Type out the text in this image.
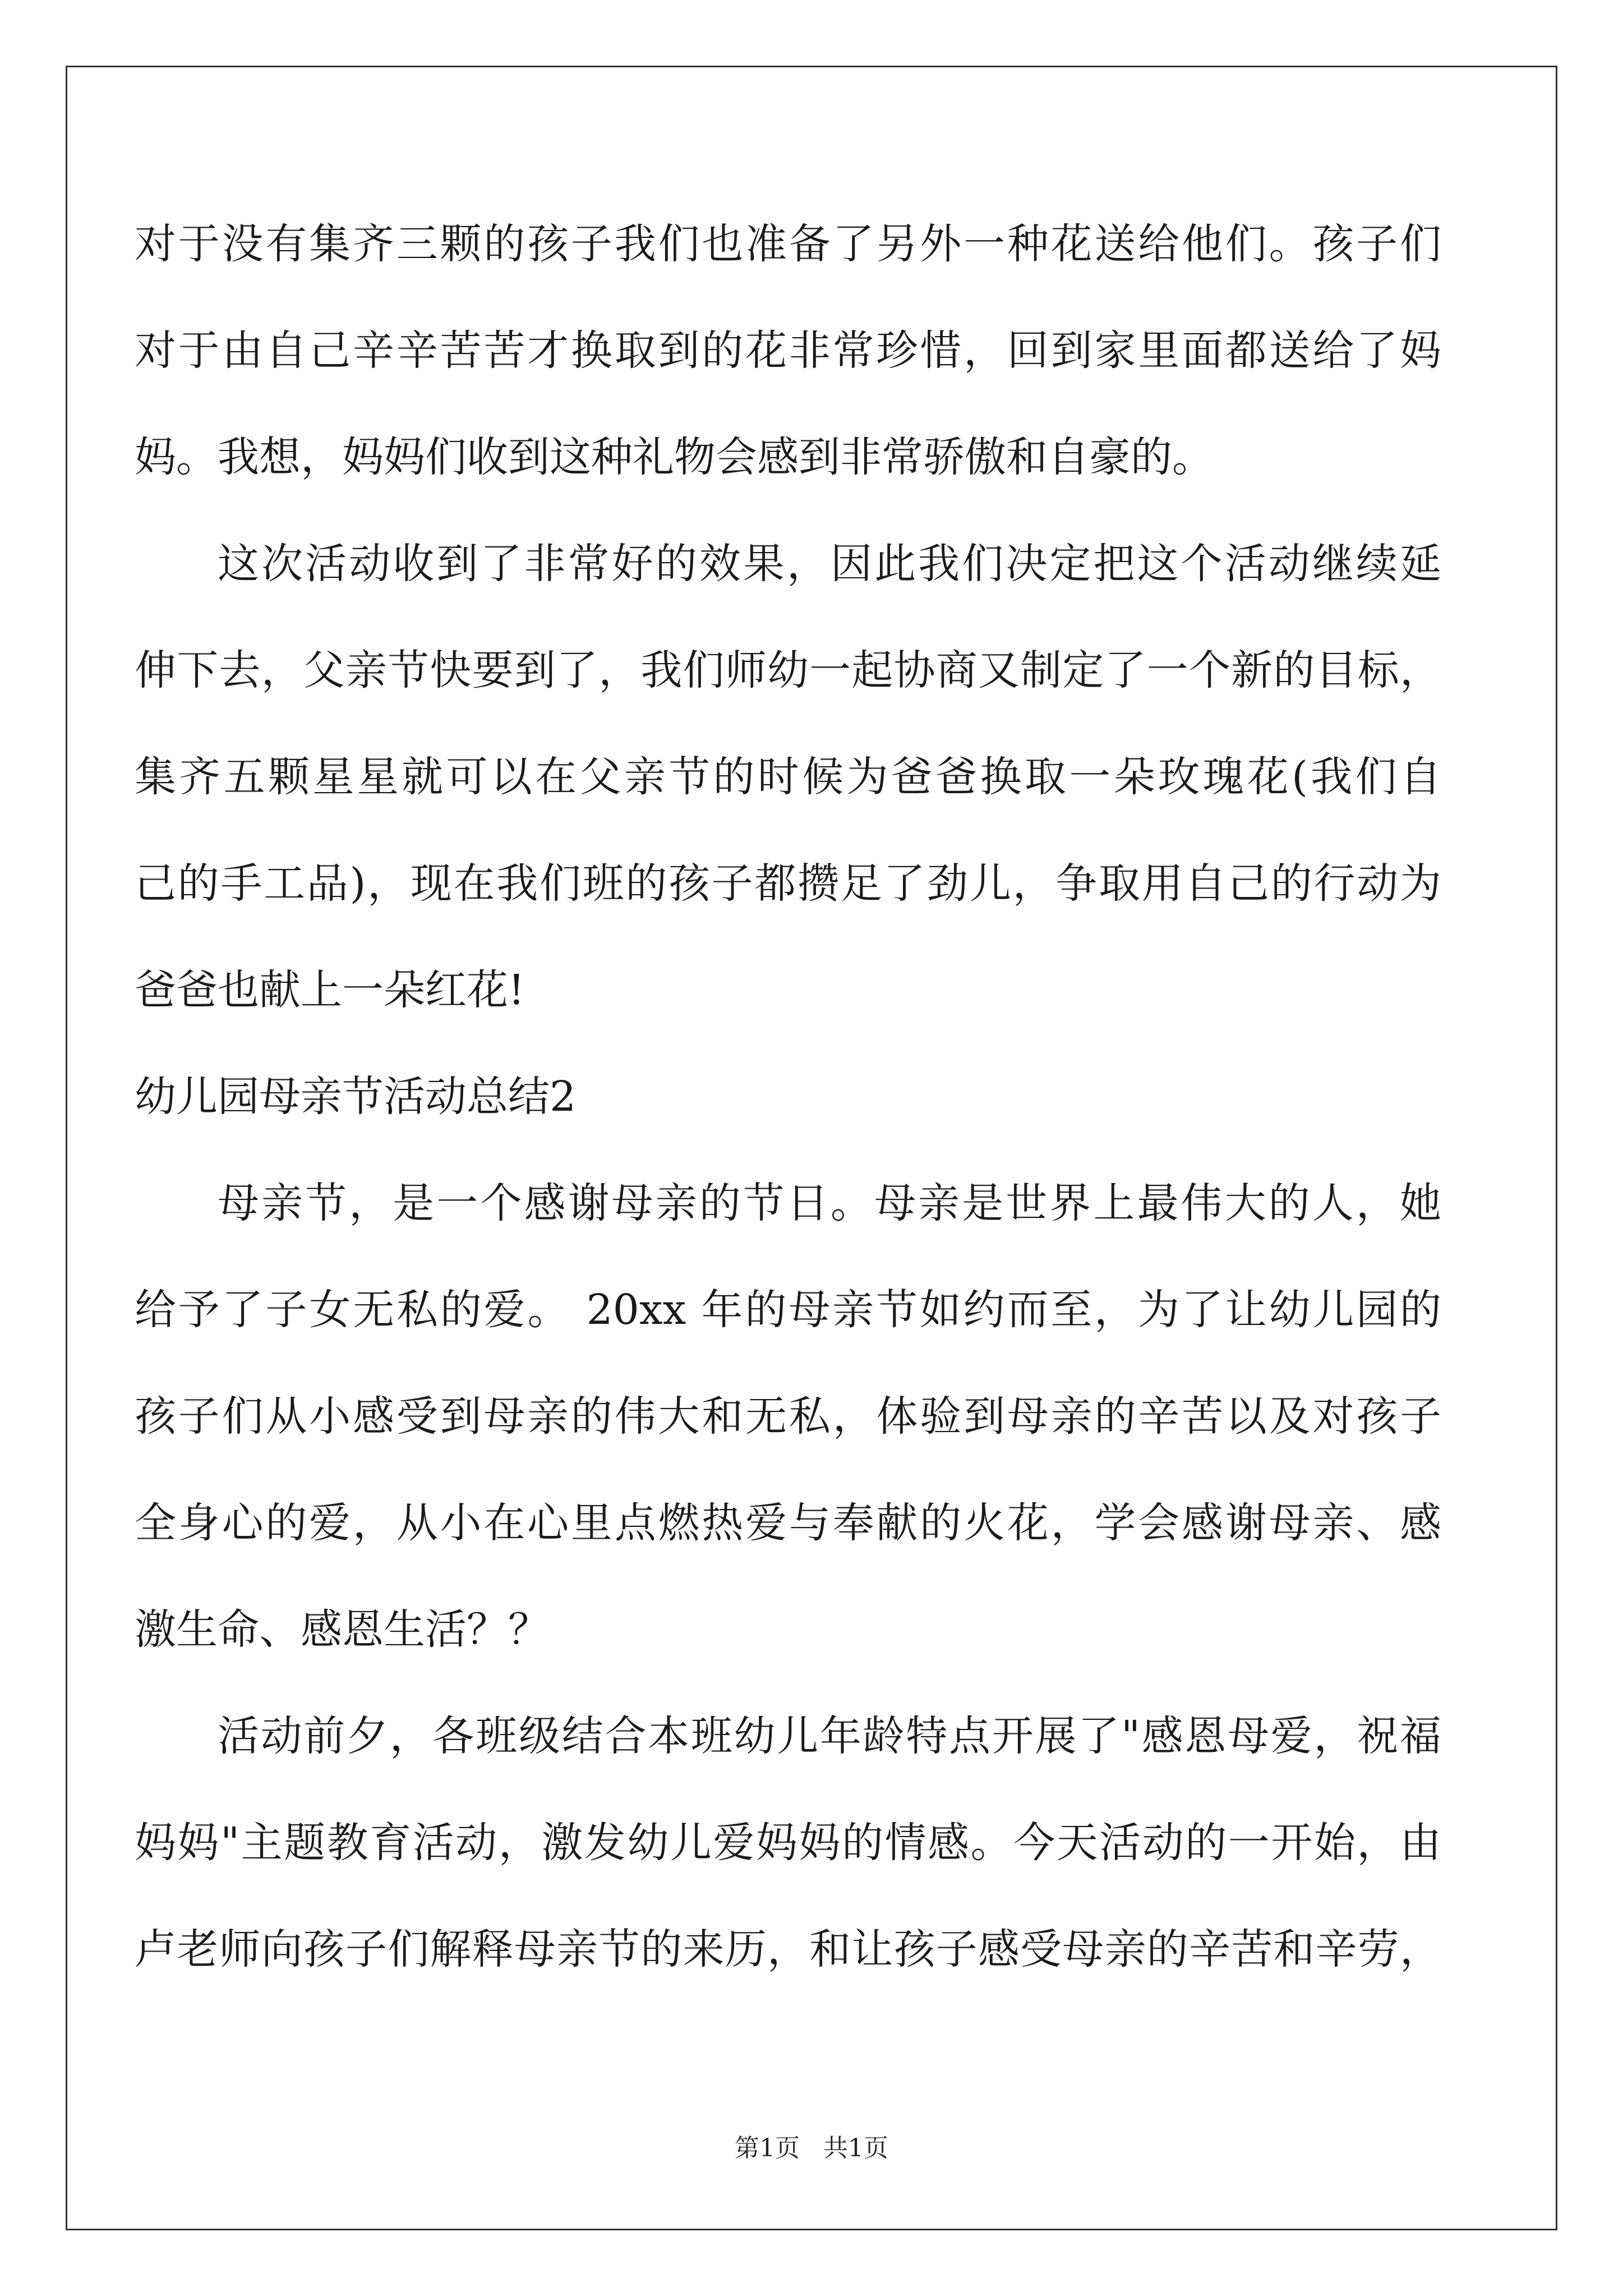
对于没有集齐三颗的孩子我们也准备了另外一种花送给他们。孩子们
对于由自己辛辛苦苦才换取到的花非常珍惜，回到家里面都送给了妈
妈。我想，妈妈们收到这种礼物会感到非常骄傲和自豪的。
这次活动收到了非常好的效果，因此我们决定把这个活动继续延
伸下去，父亲节快要到了，我们师幼一起协商又制定了一个新的目标，
集齐五颗星星就可以在父亲节的时候为爸爸换取一朵玫瑰花(我们自
己的手工品)，现在我们班的孩子都攒足了劲儿，争取用自己的行动为
爸爸也献上一朵红花!
幼儿园母亲节活动总结2
母亲节，是一个感谢母亲的节日。母亲是世界上最伟大的人，她
给予了子女无私的爱。 20xx 年的母亲节如约而至，为了让幼儿园的
孩子们从小感受到母亲的伟大和无私，体验到母亲的辛苦以及对孩子
全身心的爱，从小在心里点燃热爱与奉献的火花，学会感谢母亲、感
激生命、感恩生活？？
活动前夕，各班级结合本班幼儿年龄特点开展了"感恩母爱，祝福
妈妈"主题教育活动，激发幼儿爱妈妈的情感。今天活动的一开始，由
卢老师向孩子们解释母亲节的来历，和让孩子感受母亲的辛苦和辛劳，
第1页   共1页
